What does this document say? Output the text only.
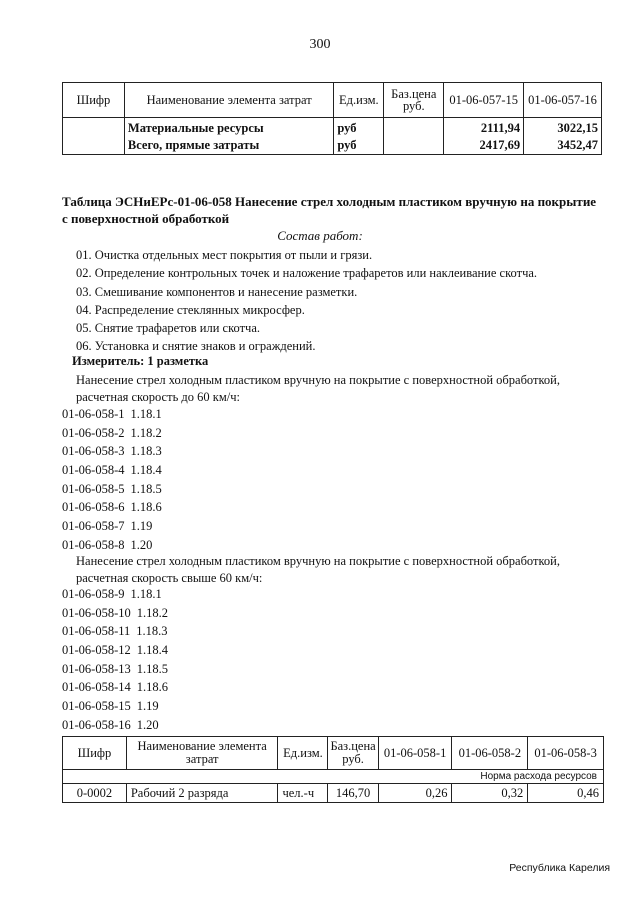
300
Шифр	Наименование элемента затрат	Ед.изм.	Баз.цена руб.	01-06-057-15	01-06-057-16
	Материальные ресурсы	руб		2111,94	3022,15
	Всего, прямые затраты	руб		2417,69	3452,47
Таблица ЭСНиЕРс-01-06-058 Нанесение стрел холодным пластиком вручную на покрытие с поверхностной обработкой
Состав работ:
01. Очистка отдельных мест покрытия от пыли и грязи.
02. Определение контрольных точек и наложение трафаретов или наклеивание скотча.
03. Смешивание компонентов и нанесение разметки.
04. Распределение стеклянных микросфер.
05. Снятие трафаретов или скотча.
06. Установка и снятие знаков и ограждений.
Измеритель: 1 разметка
Нанесение стрел холодным пластиком вручную на покрытие с поверхностной обработкой, расчетная скорость до 60 км/ч:
01-06-058-1 1.18.1
01-06-058-2 1.18.2
01-06-058-3 1.18.3
01-06-058-4 1.18.4
01-06-058-5 1.18.5
01-06-058-6 1.18.6
01-06-058-7 1.19
01-06-058-8 1.20
Нанесение стрел холодным пластиком вручную на покрытие с поверхностной обработкой, расчетная скорость свыше 60 км/ч:
01-06-058-9 1.18.1
01-06-058-10 1.18.2
01-06-058-11 1.18.3
01-06-058-12 1.18.4
01-06-058-13 1.18.5
01-06-058-14 1.18.6
01-06-058-15 1.19
01-06-058-16 1.20
Шифр	Наименование элемента затрат	Ед.изм.	Баз.цена руб.	01-06-058-1	01-06-058-2	01-06-058-3
Норма расхода ресурсов						
0-0002	Рабочий 2 разряда	чел.-ч	146,70	0,26	0,32	0,46
Республика Карелия
